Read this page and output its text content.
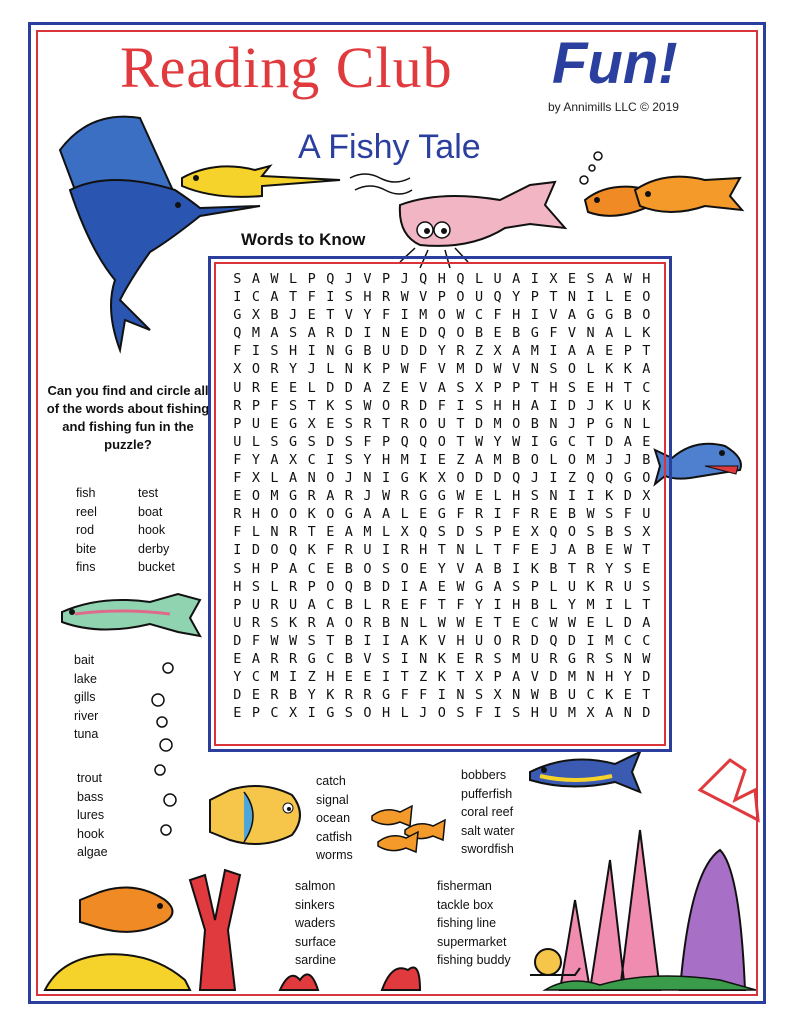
Reading Club Fun!
by Annimills LLC © 2019
A Fishy Tale
Words to Know
Can you find and circle all of the words about fishing and fishing fun in the puzzle?
S A W L P Q J V P J Q H Q L U A I X E S A W H
I C A T F I S H R W V P O U Q Y P T N I L E O
G X B J E T V Y F I M O W C F H I V A G G B O
Q M A S A R D I N E D Q O B E B G F V N A L K
F I S H I N G B U D D Y R Z X A M I A A E P T
X O R Y J L N K P W F V M D W V N S O L K K A
U R E E L D D A Z E V A S X P P T H S E H T C
R P F S T K S W O R D F I S H H A I D J K U K
P U E G X E S R T R O U T D M O B N J P G N L
U L S G S D S F P Q Q O T W Y W I G C T D A E
F Y A X C I S Y H M I E Z A M B O L O M J J B
F X L A N O J N I G K X O D D Q J I Z Q Q G O
E O M G R A R J W R G G W E L H S N I I K D X
R H O O K O G A A L E G F R I F R E B W S F U
F L N R T E A M L X Q S D S P E X Q O S B S X
I D O Q K F R U I R H T N L T F E J A B E W T
S H P A C E B O S O E Y V A B I K B T R Y S E
H S L R P O Q B D I A E W G A S P L U K R U S
P U R U A C B L R E F T F Y I H B L Y M I L T
U R S K R A O R B N L W W E T E C W W E L D A
D F W W S T B I I A K V H U O R D Q D I M C C
E A R R G C B V S I N K E R S M U R G R S N W
Y C M I Z H E E I T Z K T X P A V D M N H Y D
D E R B Y K R R G F F I N S X N W B U C K E T
E P C X I G S O H L J O S F I S H U M X A N D
fish
reel
rod
bite
fins
test
boat
hook
derby
bucket
bait
lake
gills
river
tuna
trout
bass
lures
hook
algae
catch
signal
ocean
catfish
worms
bobbers
pufferfish
coral reef
salt water
swordfish
salmon
sinkers
waders
surface
sardine
fisherman
tackle box
fishing line
supermarket
fishing buddy
